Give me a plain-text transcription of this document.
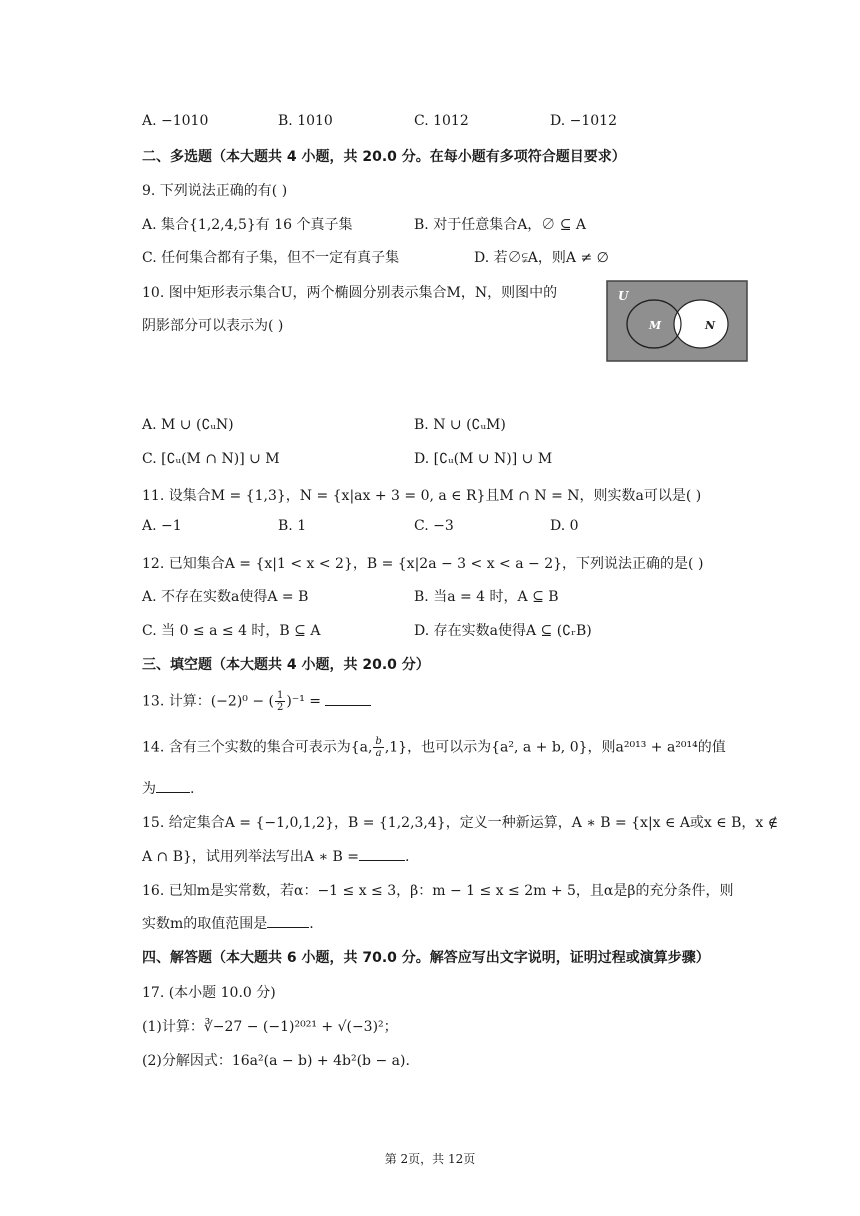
A. −1010	B. 1010	C. 1012	D. −1012
二、多选题（本大题共 4 小题，共 20.0 分。在每小题有多项符合题目要求）
9. 下列说法正确的有( )
A. 集合{1,2,4,5}有 16 个真子集	B. 对于任意集合A，∅ ⊆ A
C. 任何集合都有子集，但不一定有真子集	D. 若∅⫋A，则A ≠ ∅
10. 图中矩形表示集合U，两个椭圆分别表示集合M，N，则图中的
阴影部分可以表示为( )
U
M	N
A. M ∪ (∁ᵤN)	B. N ∪ (∁ᵤM)
C. [∁ᵤ(M ∩ N)] ∪ M	D. [∁ᵤ(M ∪ N)] ∪ M
11. 设集合M = {1,3}，N = {x|ax + 3 = 0, a ∈ R}且M ∩ N = N，则实数a可以是( )
A. −1	B. 1	C. −3	D. 0
12. 已知集合A = {x|1 < x < 2}，B = {x|2a − 3 < x < a − 2}，下列说法正确的是( )
A. 不存在实数a使得A = B	B. 当a = 4 时，A ⊆ B
C. 当 0 ≤ a ≤ 4 时，B ⊆ A	D. 存在实数a使得A ⊆ (∁ᵣB)
三、填空题（本大题共 4 小题，共 20.0 分）
13. 计算：(−2)⁰ − ( $\frac{1}{2} )^{-1}$ =
14. 含有三个实数的集合可表示为{a, $\frac{b}{a} ,1$}，也可以示为{a², a + b, 0}，则a²⁰¹³ + a²⁰¹⁴的值
为 .
15. 给定集合A = {−1,0,1,2}，B = {1,2,3,4}，定义一种新运算，A ∗ B = {x|x ∈ A或x ∈ B，x ∉
A ∩ B}，试用列举法写出A ∗ B =	.
16. 已知m是实常数，若α：−1 ≤ x ≤ 3，β：m − 1 ≤ x ≤ 2m + 5，且α是β的充分条件，则
实数m的取值范围是	.
四、解答题（本大题共 6 小题，共 70.0 分。解答应写出文字说明，证明过程或演算步骤）
17. (本小题 10.0 分)
(1)计算：∛−27 − (−1)²⁰²¹ + √(−3)²；
(2)分解因式：16a²(a − b) + 4b²(b − a).
第 2页，共 12页
